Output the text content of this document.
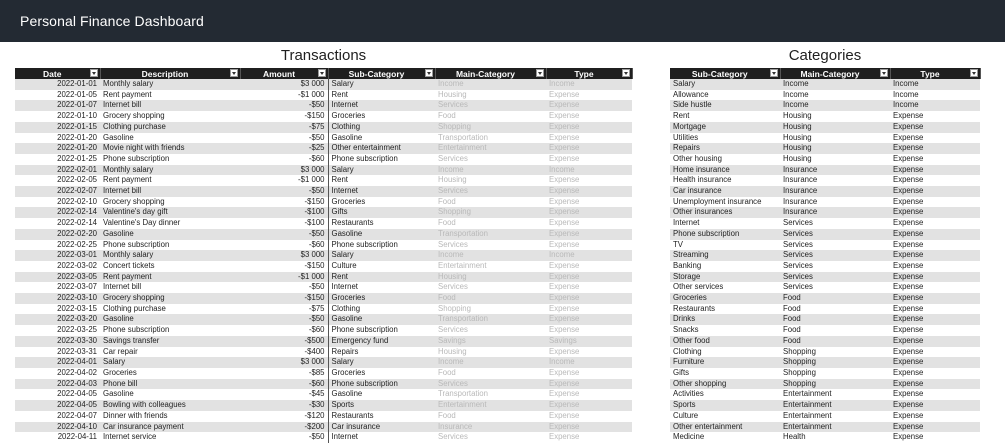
Personal Finance Dashboard
Transactions	Categories
Date	Description	Amount	Sub-Category	Main-Category	Type

2022-01-01	Monthly salary	$3 000	Salary	Income	Income
2022-01-05	Rent payment	-$1 000	Rent	Housing	Expense
2022-01-07	Internet bill	-$50	Internet	Services	Expense
2022-01-10	Grocery shopping	-$150	Groceries	Food	Expense
2022-01-15	Clothing purchase	-$75	Clothing	Shopping	Expense
2022-01-20	Gasoline	-$50	Gasoline	Transportation	Expense
2022-01-20	Movie night with friends	-$25	Other entertainment	Entertainment	Expense
2022-01-25	Phone subscription	-$60	Phone subscription	Services	Expense
2022-02-01	Monthly salary	$3 000	Salary	Income	Income
2022-02-05	Rent payment	-$1 000	Rent	Housing	Expense
2022-02-07	Internet bill	-$50	Internet	Services	Expense
2022-02-10	Grocery shopping	-$150	Groceries	Food	Expense
2022-02-14	Valentine's day gift	-$100	Gifts	Shopping	Expense
2022-02-14	Valentine's Day dinner	-$100	Restaurants	Food	Expense
2022-02-20	Gasoline	-$50	Gasoline	Transportation	Expense
2022-02-25	Phone subscription	-$60	Phone subscription	Services	Expense
2022-03-01	Monthly salary	$3 000	Salary	Income	Income
2022-03-02	Concert tickets	-$150	Culture	Entertainment	Expense
2022-03-05	Rent payment	-$1 000	Rent	Housing	Expense
2022-03-07	Internet bill	-$50	Internet	Services	Expense
2022-03-10	Grocery shopping	-$150	Groceries	Food	Expense
2022-03-15	Clothing purchase	-$75	Clothing	Shopping	Expense
2022-03-20	Gasoline	-$50	Gasoline	Transportation	Expense
2022-03-25	Phone subscription	-$60	Phone subscription	Services	Expense
2022-03-30	Savings transfer	-$500	Emergency fund	Savings	Savings
2022-03-31	Car repair	-$400	Repairs	Housing	Expense
2022-04-01	Salary	$3 000	Salary	Income	Income
2022-04-02	Groceries	-$85	Groceries	Food	Expense
2022-04-03	Phone bill	-$60	Phone subscription	Services	Expense
2022-04-05	Gasoline	-$45	Gasoline	Transportation	Expense
2022-04-05	Bowling with colleagues	-$30	Sports	Entertainment	Expense
2022-04-07	Dinner with friends	-$120	Restaurants	Food	Expense
2022-04-10	Car insurance payment	-$200	Car insurance	Insurance	Expense
2022-04-11	Internet service	-$50	Internet	Services	Expense
Sub-Category	Main-Category	Type

Salary	Income	Income
Allowance	Income	Income
Side hustle	Income	Income
Rent	Housing	Expense
Mortgage	Housing	Expense
Utilities	Housing	Expense
Repairs	Housing	Expense
Other housing	Housing	Expense
Home insurance	Insurance	Expense
Health insurance	Insurance	Expense
Car insurance	Insurance	Expense
Unemployment insurance	Insurance	Expense
Other insurances	Insurance	Expense
Internet	Services	Expense
Phone subscription	Services	Expense
TV	Services	Expense
Streaming	Services	Expense
Banking	Services	Expense
Storage	Services	Expense
Other services	Services	Expense
Groceries	Food	Expense
Restaurants	Food	Expense
Drinks	Food	Expense
Snacks	Food	Expense
Other food	Food	Expense
Clothing	Shopping	Expense
Furniture	Shopping	Expense
Gifts	Shopping	Expense
Other shopping	Shopping	Expense
Activities	Entertainment	Expense
Sports	Entertainment	Expense
Culture	Entertainment	Expense
Other entertainment	Entertainment	Expense
Medicine	Health	Expense
